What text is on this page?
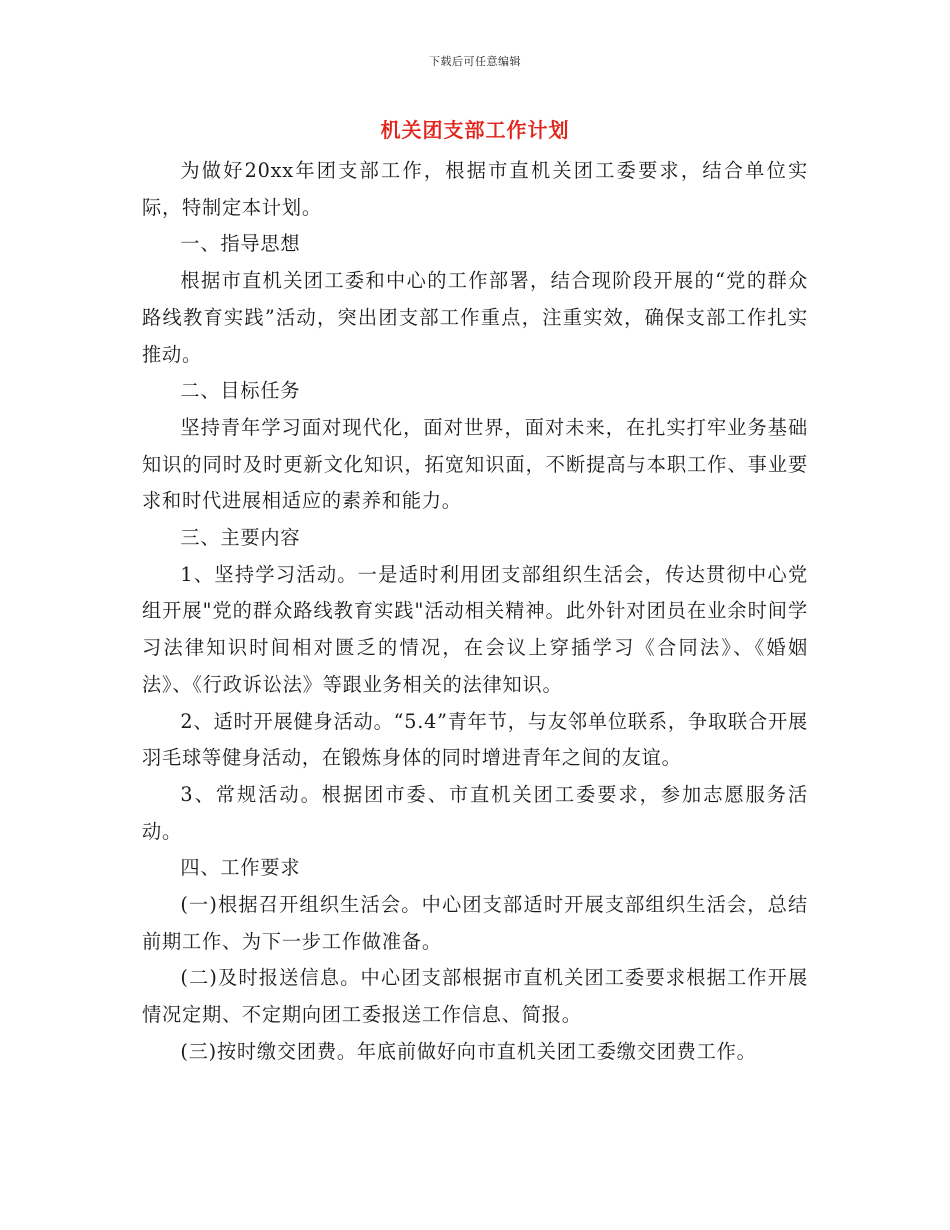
下载后可任意编辑
机关团支部工作计划

为做好20xx年团支部工作，根据市直机关团工委要求，结合单位实际，特制定本计划。

一、指导思想

根据市直机关团工委和中心的工作部署，结合现阶段开展的“党的群众路线教育实践”活动，突出团支部工作重点，注重实效，确保支部工作扎实推动。

二、目标任务

坚持青年学习面对现代化，面对世界，面对未来，在扎实打牢业务基础知识的同时及时更新文化知识，拓宽知识面，不断提高与本职工作、事业要求和时代进展相适应的素养和能力。

三、主要内容

1、坚持学习活动。一是适时利用团支部组织生活会，传达贯彻中心党组开展"党的群众路线教育实践"活动相关精神。此外针对团员在业余时间学习法律知识时间相对匮乏的情况，在会议上穿插学习《合同法》、《婚姻法》、《行政诉讼法》等跟业务相关的法律知识。

2、适时开展健身活动。“5.4”青年节，与友邻单位联系，争取联合开展羽毛球等健身活动，在锻炼身体的同时增进青年之间的友谊。

3、常规活动。根据团市委、市直机关团工委要求，参加志愿服务活动。

四、工作要求

(一)根据召开组织生活会。中心团支部适时开展支部组织生活会，总结前期工作、为下一步工作做准备。

(二)及时报送信息。中心团支部根据市直机关团工委要求根据工作开展情况定期、不定期向团工委报送工作信息、简报。

(三)按时缴交团费。年底前做好向市直机关团工委缴交团费工作。
